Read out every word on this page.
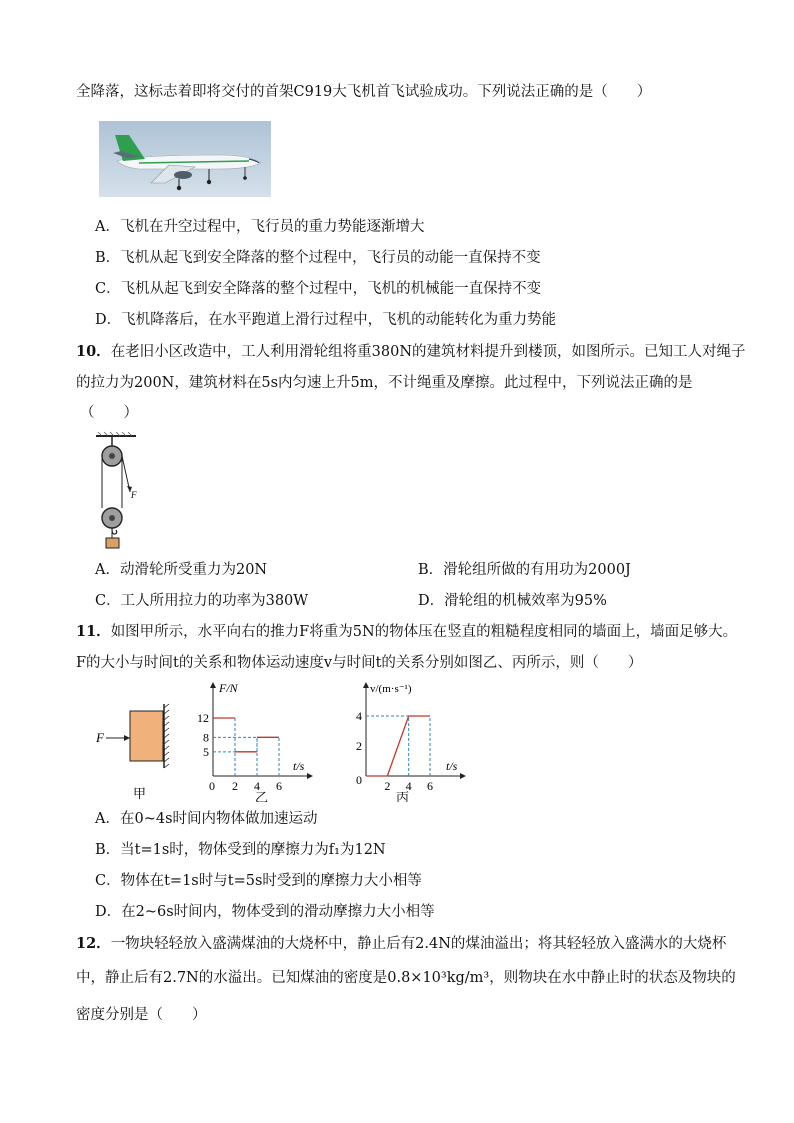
全降落，这标志着即将交付的首架C919大飞机首飞试验成功。下列说法正确的是（　　）
A．飞机在升空过程中，飞行员的重力势能逐渐增大
B．飞机从起飞到安全降落的整个过程中，飞行员的动能一直保持不变
C．飞机从起飞到安全降落的整个过程中，飞机的机械能一直保持不变
D．飞机降落后，在水平跑道上滑行过程中，飞机的动能转化为重力势能
10．在老旧小区改造中，工人利用滑轮组将重380N的建筑材料提升到楼顶，如图所示。已知工人对绳子
的拉力为200N，建筑材料在5s内匀速上升5m，不计绳重及摩擦。此过程中，下列说法正确的是
（　　）
F
A．动滑轮所受重力为20N	B．滑轮组所做的有用功为2000J
C．工人所用拉力的功率为380W	D．滑轮组的机械效率为95%
11．如图甲所示，水平向右的推力F将重为5N的物体压在竖直的粗糙程度相同的墙面上，墙面足够大。
F的大小与时间t的关系和物体运动速度v与时间t的关系分别如图乙、丙所示，则（　　）
F
甲
F/N
t/s
0
乙
12
8
5
2 4 6
v/(m·s⁻¹)
t/s
0
丙
4
2
2 4 6
A．在0~4s时间内物体做加速运动
B．当t=1s时，物体受到的摩擦力为f₁为12N
C．物体在t=1s时与t=5s时受到的摩擦力大小相等
D．在2~6s时间内，物体受到的滑动摩擦力大小相等
12．一物块轻轻放入盛满煤油的大烧杯中，静止后有2.4N的煤油溢出；将其轻轻放入盛满水的大烧杯
中，静止后有2.7N的水溢出。已知煤油的密度是0.8×10³kg/m³，则物块在水中静止时的状态及物块的
密度分别是（　　）
